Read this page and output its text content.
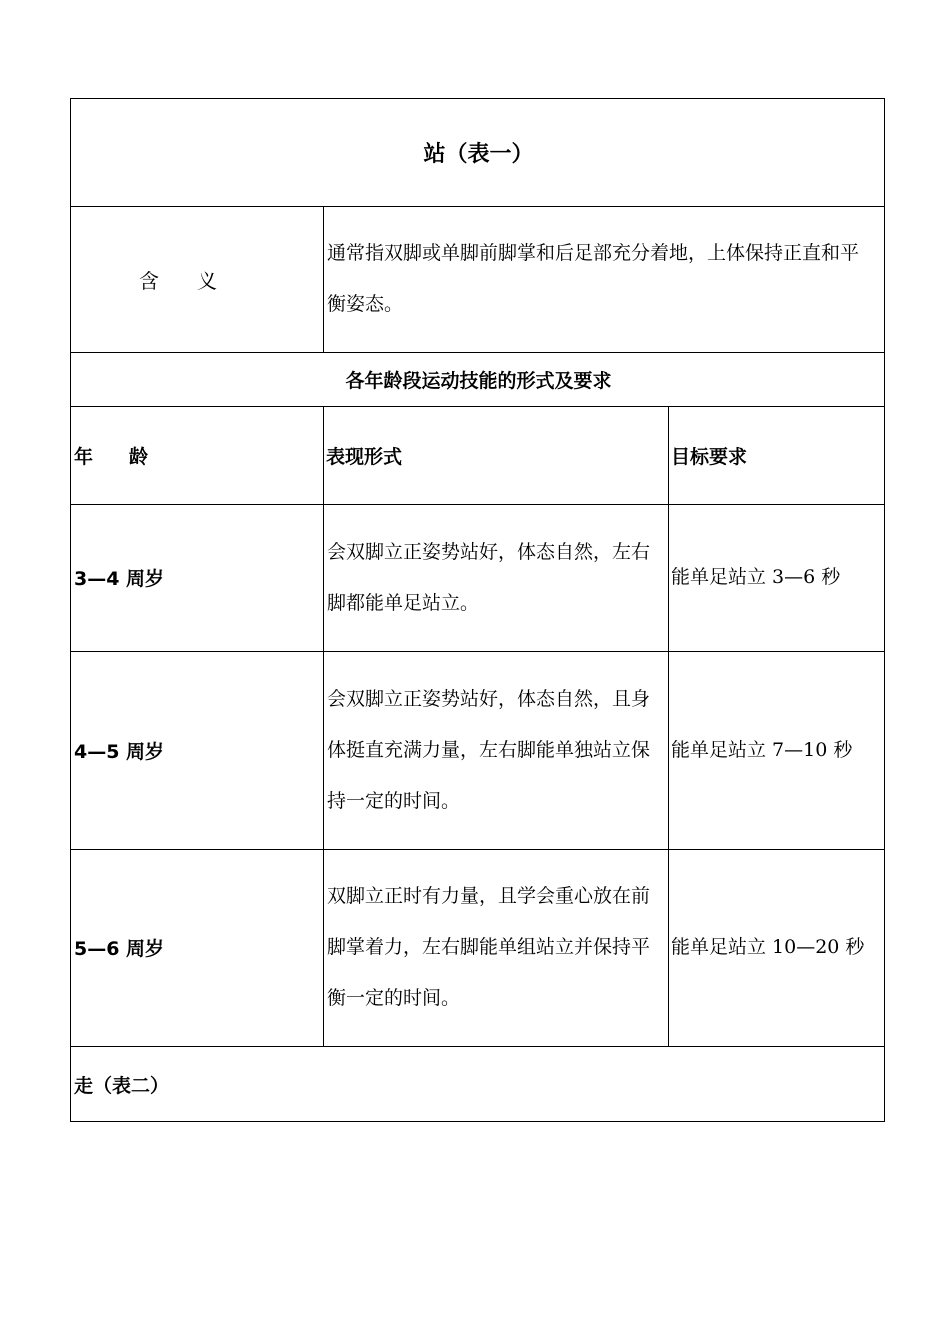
站（表一）
含义
通常指双脚或单脚前脚掌和后足部充分着地，上体保持正直和平衡姿态。
各年龄段运动技能的形式及要求
年龄	表现形式	目标要求
3—4 周岁
会双脚立正姿势站好，体态自然，左右脚都能单足站立。
能单足站立 3—6 秒
4—5 周岁
会双脚立正姿势站好，体态自然，且身体挺直充满力量，左右脚能单独站立保持一定的时间。
能单足站立 7—10 秒
5—6 周岁
双脚立正时有力量，且学会重心放在前脚掌着力，左右脚能单组站立并保持平衡一定的时间。
能单足站立 10—20 秒
走（表二）
